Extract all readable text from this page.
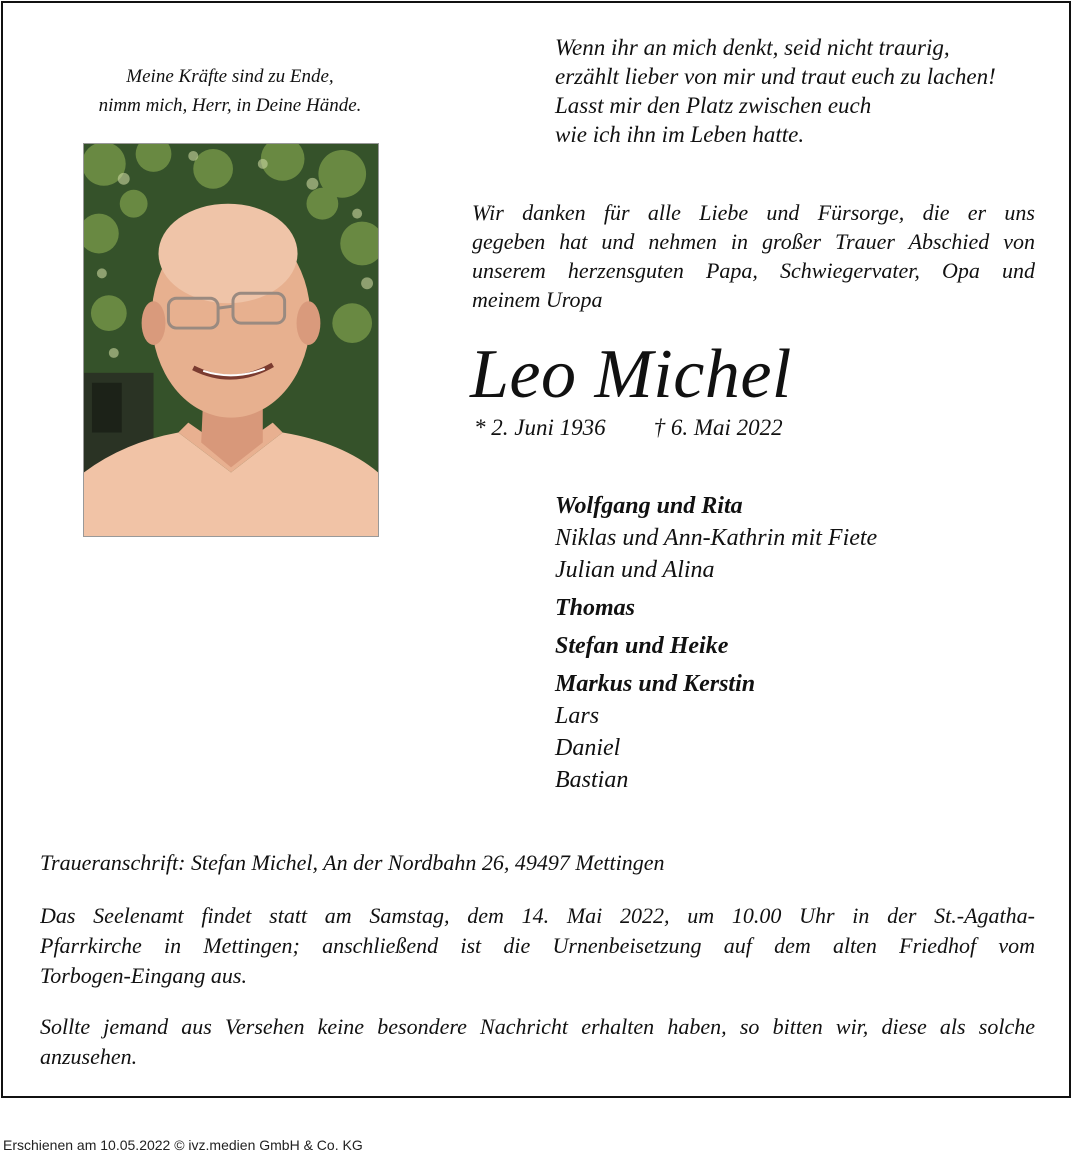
Meine Kräfte sind zu Ende,
nimm mich, Herr, in Deine Hände.
Wenn ihr an mich denkt, seid nicht traurig,
erzählt lieber von mir und traut euch zu lachen!
Lasst mir den Platz zwischen euch
wie ich ihn im Leben hatte.
Wir danken für alle Liebe und Fürsorge, die er uns
gegeben hat und nehmen in großer Trauer Abschied von
unserem herzensguten Papa, Schwiegervater, Opa und
meinem Uropa
Leo Michel
* 2. Juni 1936 † 6. Mai 2022
Wolfgang und Rita
Niklas und Ann-Kathrin mit Fiete
Julian und Alina
Thomas
Stefan und Heike
Markus und Kerstin
Lars
Daniel
Bastian
Traueranschrift: Stefan Michel, An der Nordbahn 26, 49497 Mettingen
Das Seelenamt findet statt am Samstag, dem 14. Mai 2022, um 10.00 Uhr in der St.-Agatha-
Pfarrkirche in Mettingen; anschließend ist die Urnenbeisetzung auf dem alten Friedhof vom
Torbogen-Eingang aus.
Sollte jemand aus Versehen keine besondere Nachricht erhalten haben, so bitten wir, diese als solche
anzusehen.
Erschienen am 10.05.2022 © ivz.medien GmbH & Co. KG
